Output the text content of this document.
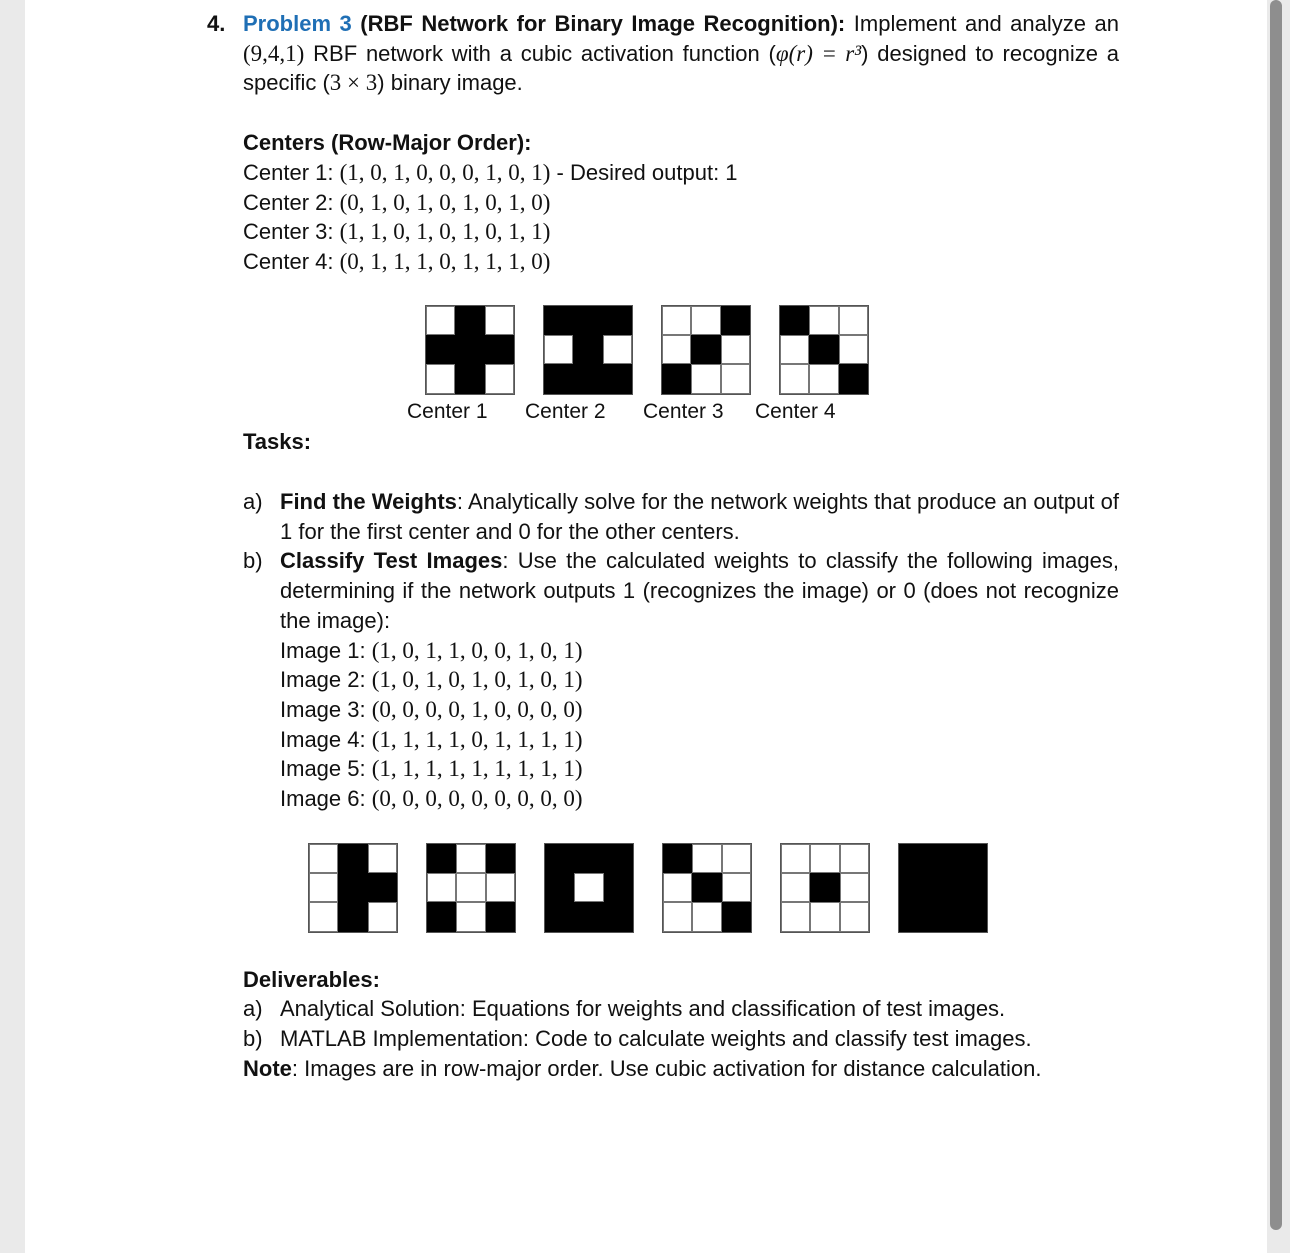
4. Problem 3 (RBF Network for Binary Image Recognition): Implement and analyze an (9,4,1) RBF network with a cubic activation function (φ(r) = r³) designed to recognize a specific (3 × 3) binary image.
Centers (Row-Major Order):
Center 1: (1, 0, 1, 0, 0, 0, 1, 0, 1) - Desired output: 1
Center 2: (0, 1, 0, 1, 0, 1, 0, 1, 0)
Center 3: (1, 1, 0, 1, 0, 1, 0, 1, 1)
Center 4: (0, 1, 1, 1, 0, 1, 1, 1, 0)
Center 1	Center 2	Center 3	Center 4
Tasks:
a) Find the Weights: Analytically solve for the network weights that produce an output of 1 for the first center and 0 for the other centers.
b) Classify Test Images: Use the calculated weights to classify the following images, determining if the network outputs 1 (recognizes the image) or 0 (does not recognize the image):
Image 1: (1, 0, 1, 1, 0, 0, 1, 0, 1)
Image 2: (1, 0, 1, 0, 1, 0, 1, 0, 1)
Image 3: (0, 0, 0, 0, 1, 0, 0, 0, 0)
Image 4: (1, 1, 1, 1, 0, 1, 1, 1, 1)
Image 5: (1, 1, 1, 1, 1, 1, 1, 1, 1)
Image 6: (0, 0, 0, 0, 0, 0, 0, 0, 0)
Deliverables:
a) Analytical Solution: Equations for weights and classification of test images.
b) MATLAB Implementation: Code to calculate weights and classify test images.
Note: Images are in row-major order. Use cubic activation for distance calculation.
